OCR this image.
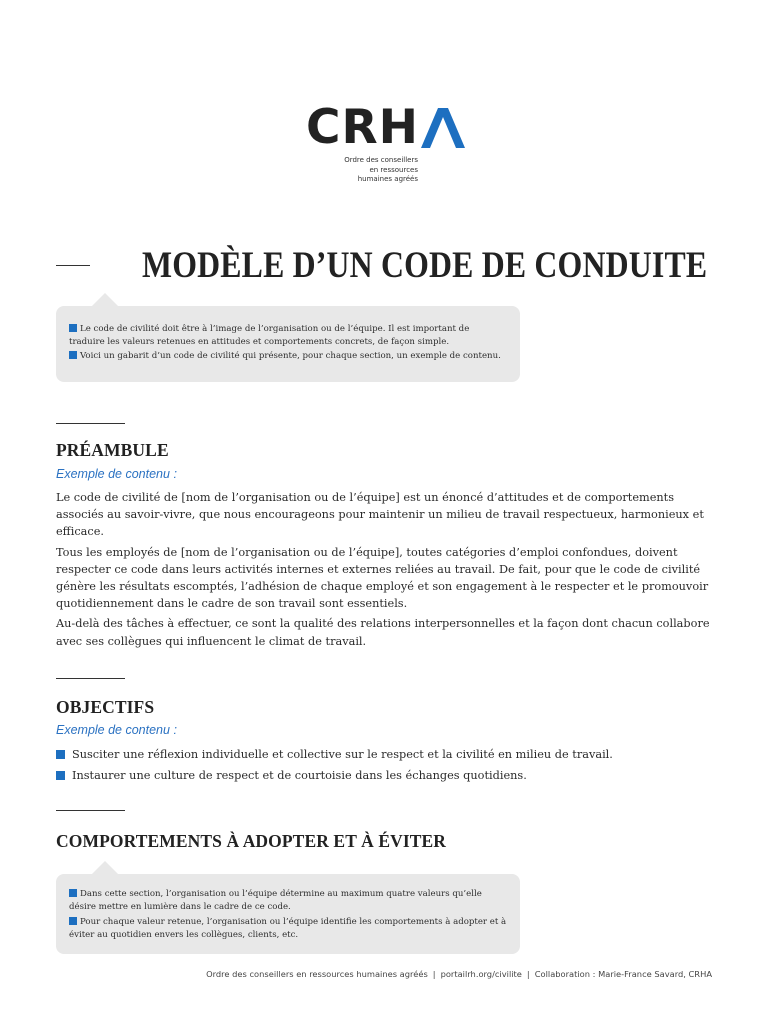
CRH
Ordre des conseillers
en ressources
humaines agréés
MODÈLE D’UN CODE DE CONDUITE

Le code de civilité doit être à l’image de l’organisation ou de l’équipe. Il est important de traduire les valeurs retenues en attitudes et comportements concrets, de façon simple.

Voici un gabarit d’un code de civilité qui présente, pour chaque section, un exemple de contenu.

PRÉAMBULE
Exemple de contenu :

Le code de civilité de [nom de l’organisation ou de l’équipe] est un énoncé d’attitudes et de comportements associés au savoir-vivre, que nous encourageons pour maintenir un milieu de travail respectueux, harmonieux et efficace.

Tous les employés de [nom de l’organisation ou de l’équipe], toutes catégories d’emploi confondues, doivent respecter ce code dans leurs activités internes et externes reliées au travail. De fait, pour que le code de civilité génère les résultats escomptés, l’adhésion de chaque employé et son engagement à le respecter et le promouvoir quotidiennement dans le cadre de son travail sont essentiels.

Au-delà des tâches à effectuer, ce sont la qualité des relations interpersonnelles et la façon dont chacun collabore avec ses collègues qui influencent le climat de travail.

OBJECTIFS
Exemple de contenu :
Susciter une réflexion individuelle et collective sur le respect et la civilité en milieu de travail.
Instaurer une culture de respect et de courtoisie dans les échanges quotidiens.
COMPORTEMENTS À ADOPTER ET À ÉVITER

Dans cette section, l’organisation ou l’équipe détermine au maximum quatre valeurs qu’elle désire mettre en lumière dans le cadre de ce code.

Pour chaque valeur retenue, l’organisation ou l’équipe identifie les comportements à adopter et à éviter au quotidien envers les collègues, clients, etc.

Ordre des conseillers en ressources humaines agréés | portailrh.org/civilite | Collaboration : Marie-France Savard, CRHA
